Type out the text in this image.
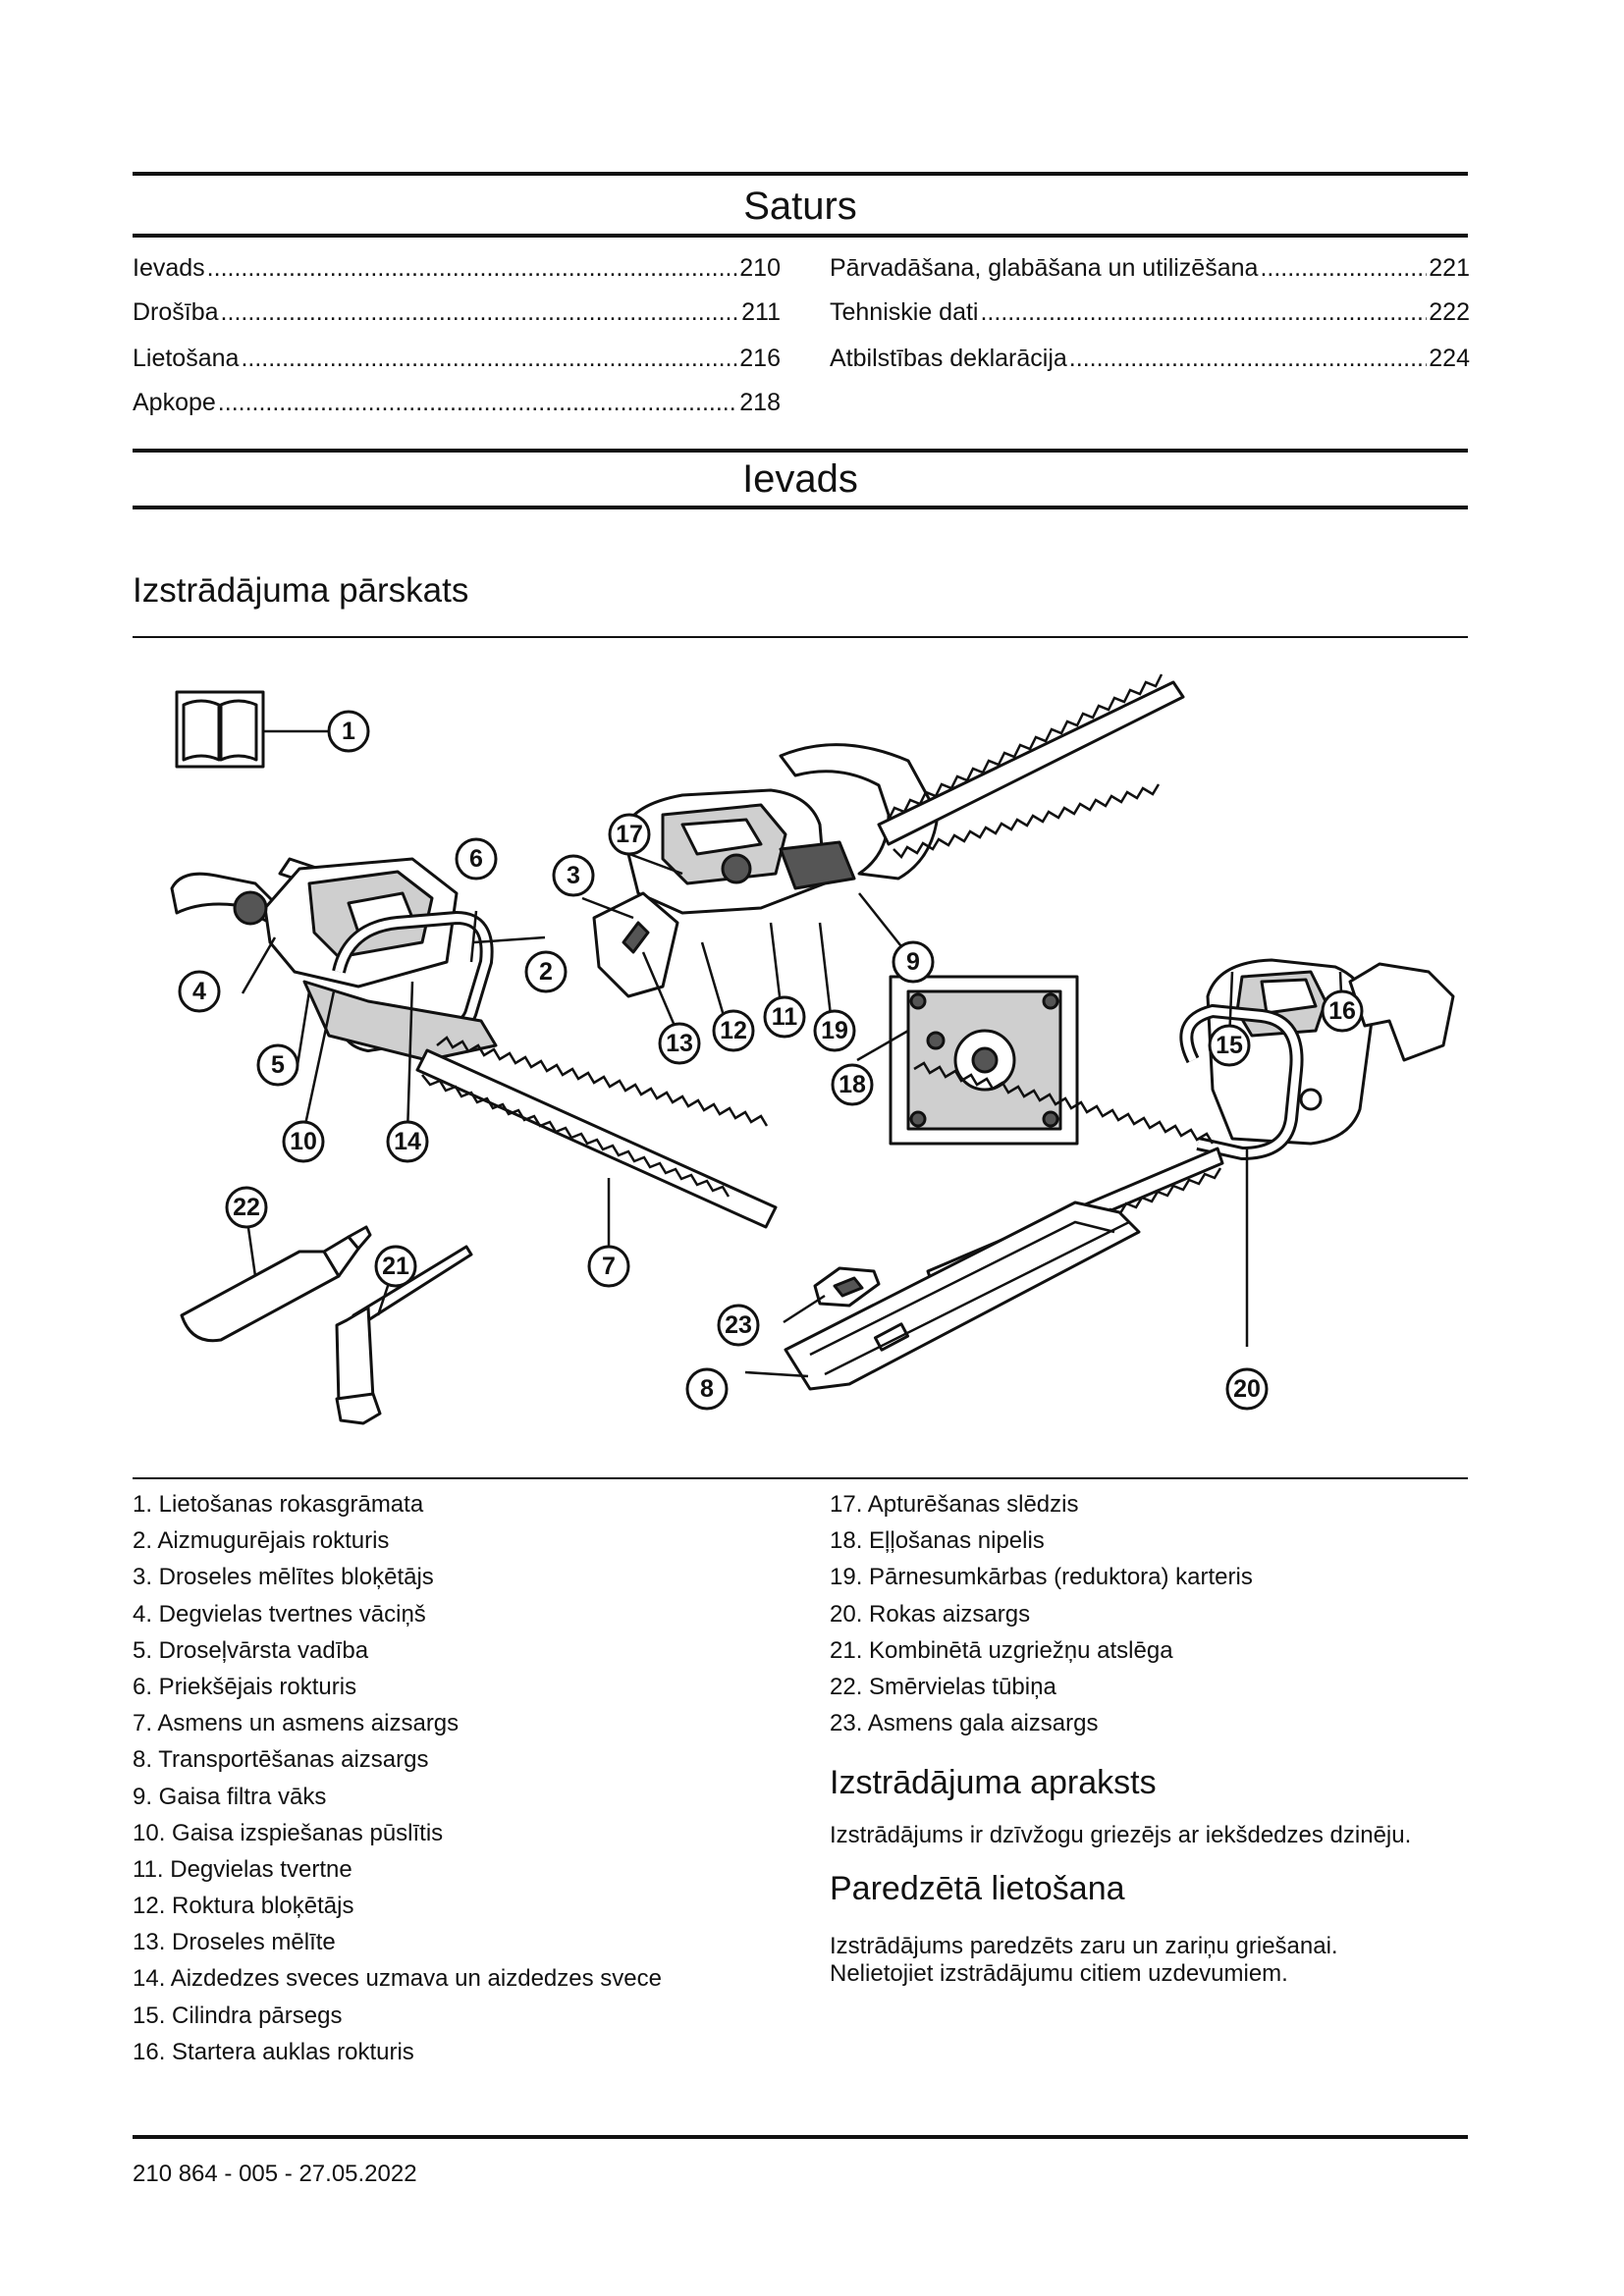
Saturs
Ievads .....	210
Drošība .....	211
Lietošana .....	216
Apkope .....	218
Pārvadāšana, glabāšana un utilizēšana .....	221
Tehniskie dati .....	222
Atbilstības deklarācija .....	224
Ievads
Izstrādājuma pārskats
1
2
3
4
5
6
7
8
9
10
11
12
13
14
15
16
17
18
19
20
21
22
23
1. Lietošanas rokasgrāmata
2. Aizmugurējais rokturis
3. Droseles mēlītes bloķētājs
4. Degvielas tvertnes vāciņš
5. Droseļvārsta vadība
6. Priekšējais rokturis
7. Asmens un asmens aizsargs
8. Transportēšanas aizsargs
9. Gaisa filtra vāks
10. Gaisa izspiešanas pūslītis
11. Degvielas tvertne
12. Roktura bloķētājs
13. Droseles mēlīte
14. Aizdedzes sveces uzmava un aizdedzes svece
15. Cilindra pārsegs
16. Startera auklas rokturis
17. Apturēšanas slēdzis
18. Eļļošanas nipelis
19. Pārnesumkārbas (reduktora) karteris
20. Rokas aizsargs
21. Kombinētā uzgriežņu atslēga
22. Smērvielas tūbiņa
23. Asmens gala aizsargs
Izstrādājuma apraksts
Izstrādājums ir dzīvžogu griezējs ar iekšdedzes dzinēju.
Paredzētā lietošana
Izstrādājums paredzēts zaru un zariņu griešanai.
Nelietojiet izstrādājumu citiem uzdevumiem.
210 864 - 005 - 27.05.2022
